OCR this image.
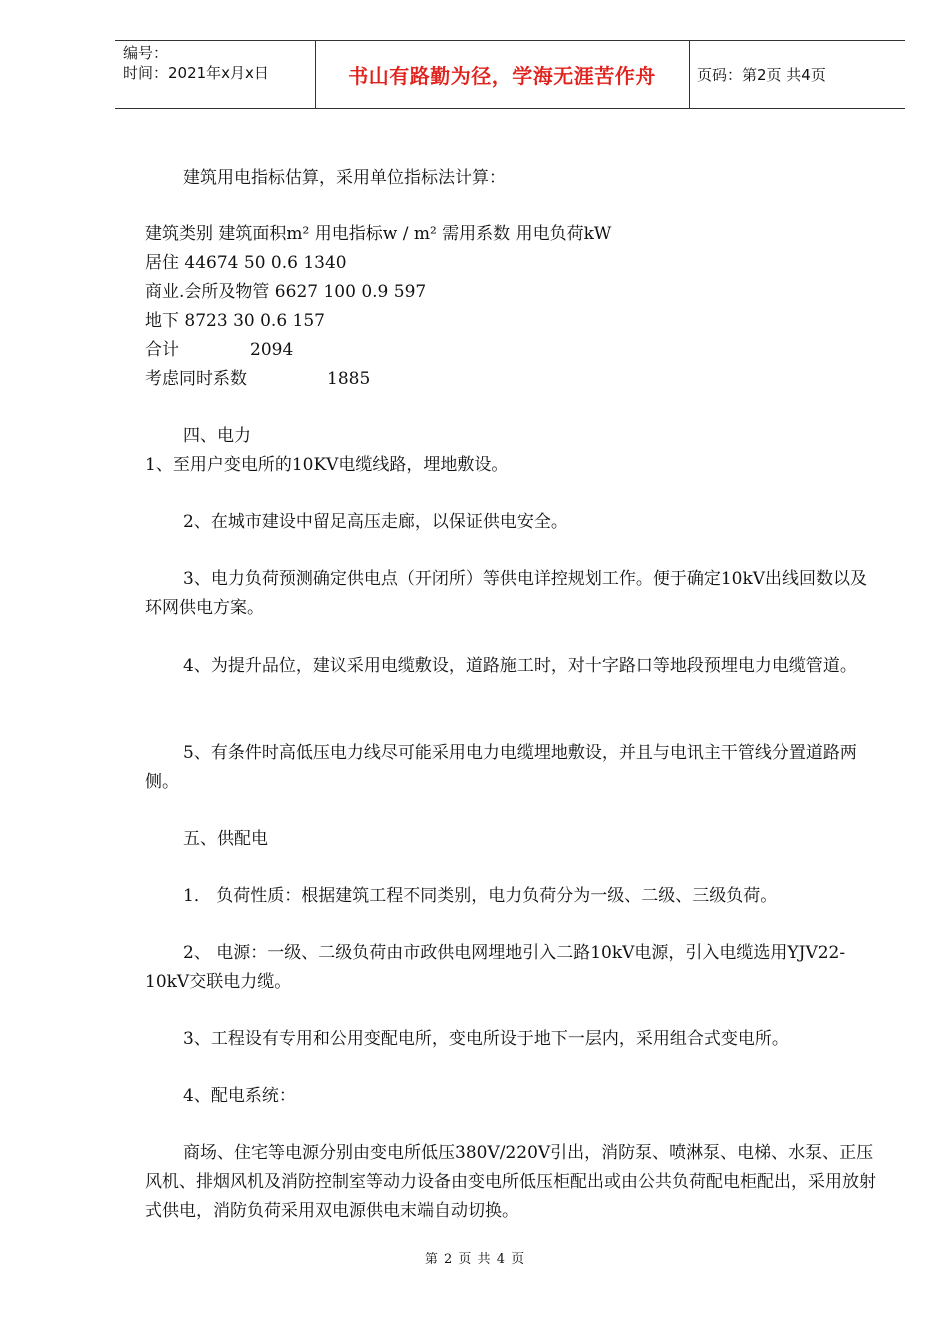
编号：
时间：2021年x月x日	书山有路勤为径，学海无涯苦作舟	页码：第2页 共4页
建筑用电指标估算，采用单位指标法计算：
建筑类别 建筑面积m² 用电指标w / m² 需用系数 用电负荷kW
居住 44674 50 0.6 1340
商业.会所及物管 6627 100 0.9 597
地下 8723 30 0.6 157
合计	2094
考虑同时系数	1885
四、电力
1、至用户变电所的10KV电缆线路，埋地敷设。
2、在城市建设中留足高压走廊，以保证供电安全。
3、电力负荷预测确定供电点（开闭所）等供电详控规划工作。便于确定10kV出线回数以及环网供电方案。
4、为提升品位，建议采用电缆敷设，道路施工时，对十字路口等地段预埋电力电缆管道。
5、有条件时高低压电力线尽可能采用电力电缆埋地敷设，并且与电讯主干管线分置道路两侧。
五、供配电
1． 负荷性质：根据建筑工程不同类别，电力负荷分为一级、二级、三级负荷。
2、 电源：一级、二级负荷由市政供电网埋地引入二路10kV电源，引入电缆选用YJV22-10kV交联电力缆。
3、工程设有专用和公用变配电所，变电所设于地下一层内，采用组合式变电所。
4、配电系统：
商场、住宅等电源分别由变电所低压380V/220V引出，消防泵、喷淋泵、电梯、水泵、正压风机、排烟风机及消防控制室等动力设备由变电所低压柜配出或由公共负荷配电柜配出，采用放射式供电，消防负荷采用双电源供电末端自动切换。
第 2 页 共 4 页
